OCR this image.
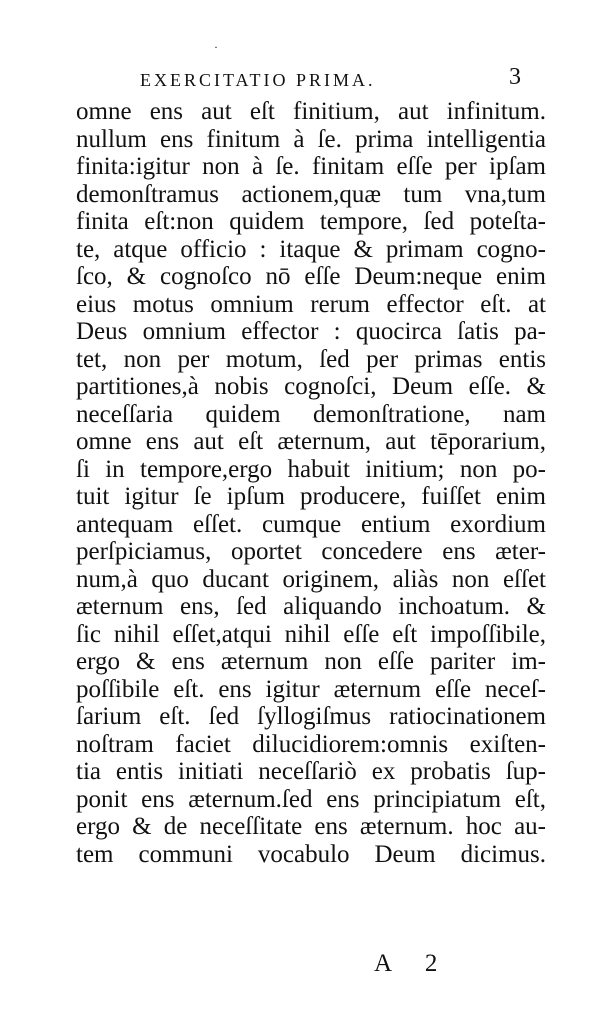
·
EXERCITATIO PRIMA.	3
omne ens aut eſt finitium, aut infinitum.
nullum ens finitum à ſe. prima intelligentia
finita:igitur non à ſe. finitam eſſe per ipſam
demonſtramus actionem,quæ tum vna,tum
finita eſt:non quidem tempore, ſed poteſta-
te, atque officio : itaque & primam cogno-
ſco, & cognoſco nō eſſe Deum:neque enim
eius motus omnium rerum effector eſt. at
Deus omnium effector : quocirca ſatis pa-
tet, non per motum, ſed per primas entis
partitiones,à nobis cognoſci, Deum eſſe. &
neceſſaria quidem demonſtratione, nam
omne ens aut eſt æternum, aut tēporarium,
ſi in tempore,ergo habuit initium; non po-
tuit igitur ſe ipſum producere, fuiſſet enim
antequam eſſet. cumque entium exordium
perſpiciamus, oportet concedere ens æter-
num,à quo ducant originem, aliàs non eſſet
æternum ens, ſed aliquando inchoatum. &
ſic nihil eſſet,atqui nihil eſſe eſt impoſſibile,
ergo & ens æternum non eſſe pariter im-
poſſibile eſt. ens igitur æternum eſſe neceſ-
ſarium eſt. ſed ſyllogiſmus ratiocinationem
noſtram faciet dilucidiorem:omnis exiſten-
tia entis initiati neceſſariò ex probatis ſup-
ponit ens æternum.ſed ens principiatum eſt,
ergo & de neceſſitate ens æternum. hoc au-
tem communi vocabulo Deum dicimus.
A 2
